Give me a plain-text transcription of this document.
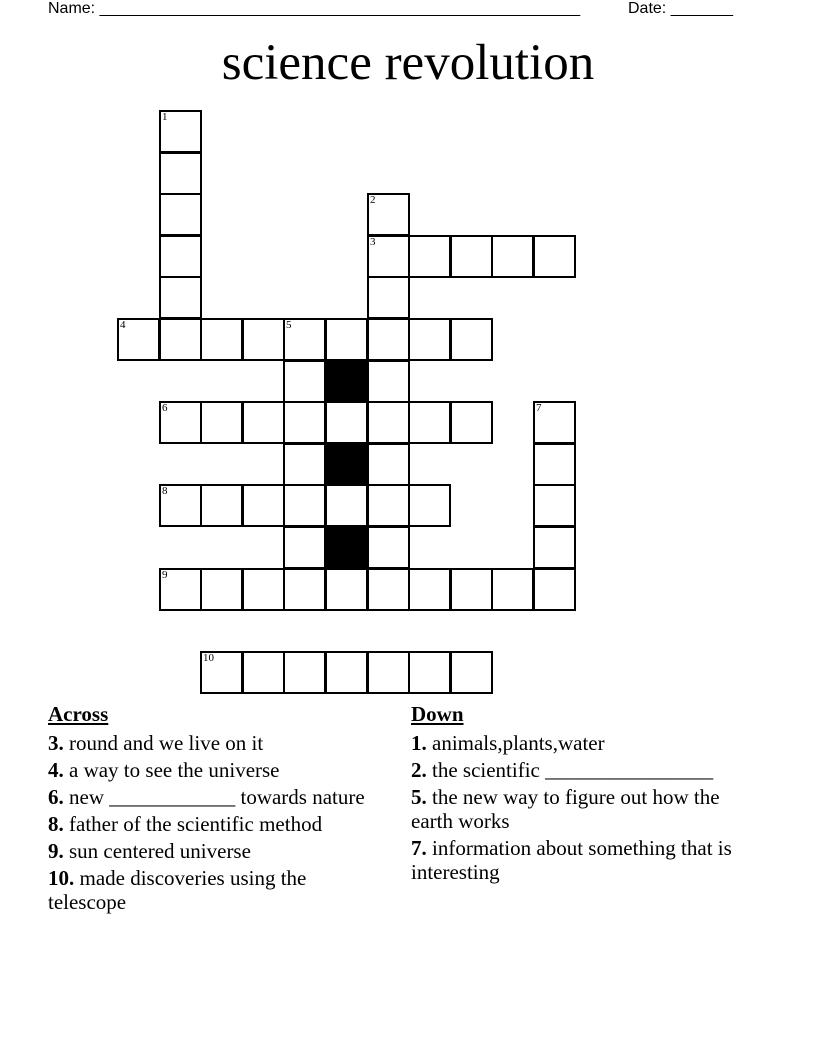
Name: ______________________________________________________	Date: _______
science revolution
1
2
3
4	5
6	7
8
9
10
Across
3. round and we live on it
4. a way to see the universe
6. new ____________ towards nature
8. father of the scientific method
9. sun centered universe
10. made discoveries using the telescope
Down
1. animals,plants,water
2. the scientific ________________
5. the new way to figure out how the earth works
7. information about something that is interesting
